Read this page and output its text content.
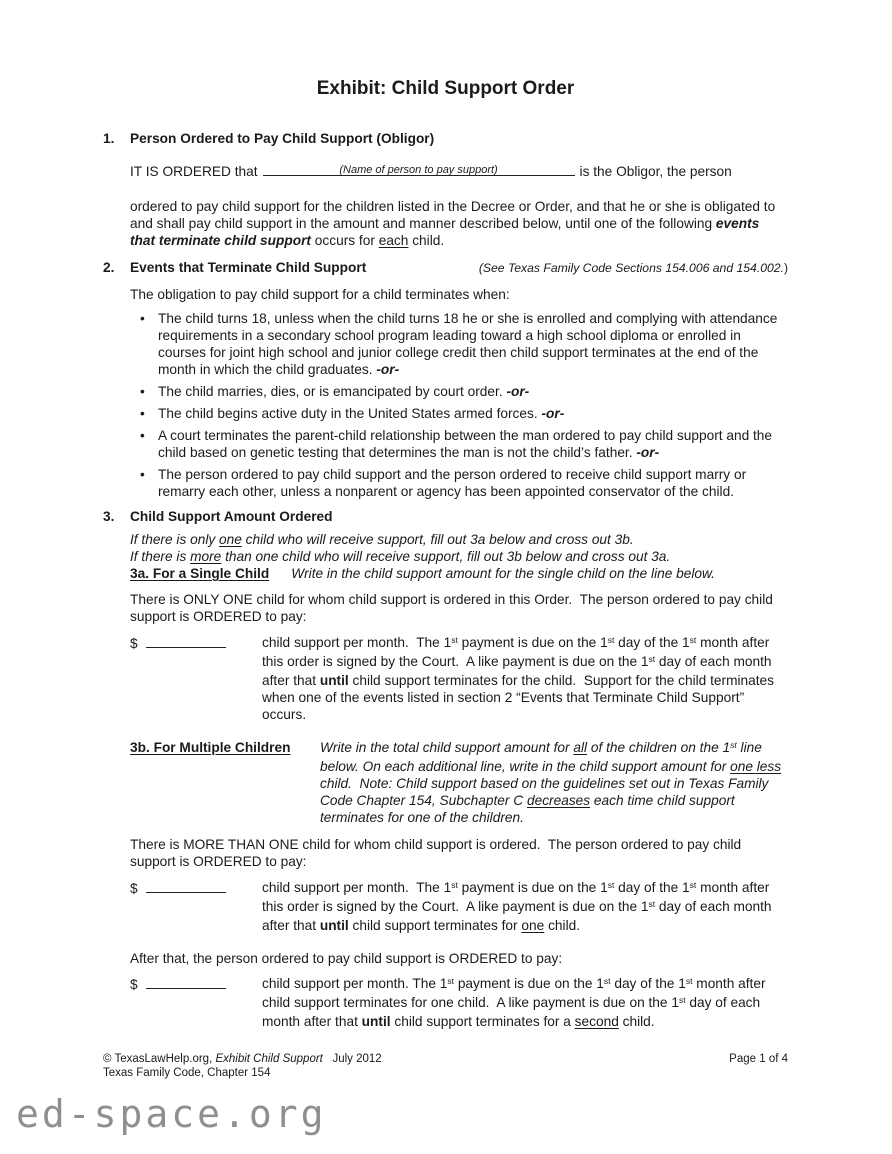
Exhibit: Child Support Order
1.	Person Ordered to Pay Child Support (Obligor)
IT IS ORDERED that	(Name of person to pay support)	is the Obligor, the person

ordered to pay child support for the children listed in the Decree or Order, and that he or she is obligated to and shall pay child support in the amount and manner described below, until one of the following events that terminate child support occurs for each child.

2.	Events that Terminate Child Support	(See Texas Family Code Sections 154.006 and 154.002.)

The obligation to pay child support for a child terminates when:

• The child turns 18, unless when the child turns 18 he or she is enrolled and complying with attendance requirements in a secondary school program leading toward a high school diploma or enrolled in courses for joint high school and junior college credit then child support terminates at the end of the month in which the child graduates. -or-
• The child marries, dies, or is emancipated by court order. -or-
• The child begins active duty in the United States armed forces. -or-
• A court terminates the parent-child relationship between the man ordered to pay child support and the child based on genetic testing that determines the man is not the child’s father. -or-
• The person ordered to pay child support and the person ordered to receive child support marry or remarry each other, unless a nonparent or agency has been appointed conservator of the child.
3.	Child Support Amount Ordered

If there is only one child who will receive support, fill out 3a below and cross out 3b.

If there is more than one child who will receive support, fill out 3b below and cross out 3a.

3a. For a Single Child Write in the child support amount for the single child on the line below.

There is ONLY ONE child for whom child support is ordered in this Order.  The person ordered to pay child support is ORDERED to pay:

$	child support per month.  The 1st payment is due on the 1st day of the 1st month after this order is signed by the Court.  A like payment is due on the 1st day of each month after that until child support terminates for the child.  Support for the child terminates when one of the events listed in section 2 “Events that Terminate Child Support” occurs.
3b. For Multiple Children	Write in the total child support amount for all of the children on the 1st line below. On each additional line, write in the child support amount for one less child.  Note: Child support based on the guidelines set out in Texas Family Code Chapter 154, Subchapter C decreases each time child support terminates for one of the children.

There is MORE THAN ONE child for whom child support is ordered.  The person ordered to pay child support is ORDERED to pay:

$	child support per month.  The 1st payment is due on the 1st day of the 1st month after this order is signed by the Court.  A like payment is due on the 1st day of each month after that until child support terminates for one child.

After that, the person ordered to pay child support is ORDERED to pay:

$	child support per month. The 1st payment is due on the 1st day of the 1st month after child support terminates for one child.  A like payment is due on the 1st day of each month after that until child support terminates for a second child.
© TexasLawHelp.org, Exhibit Child Support   July 2012
Texas Family Code, Chapter 154
Page 1 of 4
ed-space.org
